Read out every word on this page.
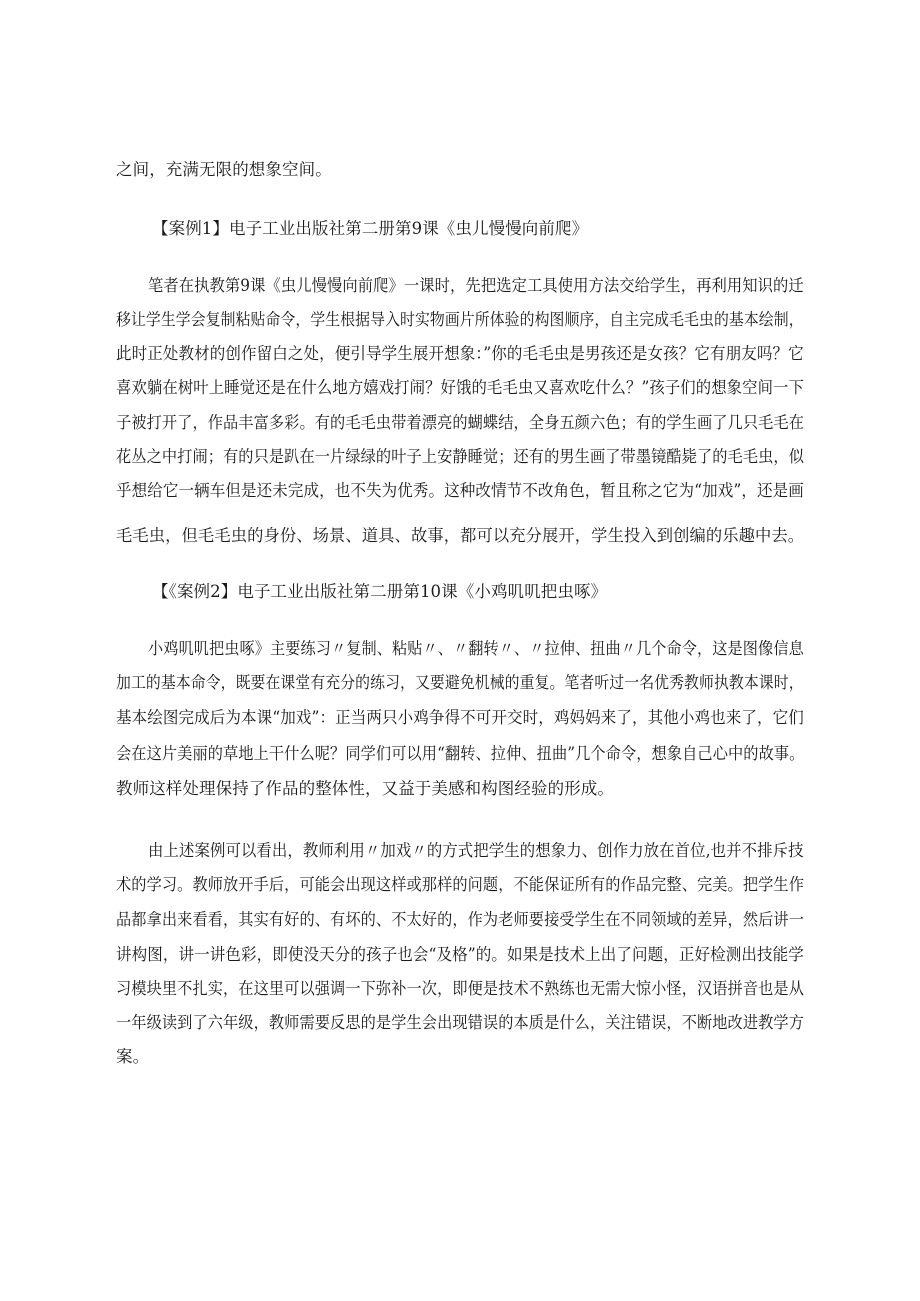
之间，充满无限的想象空间。
【案例1】电子工业出版社第二册第9课《虫儿慢慢向前爬》
笔者在执教第9课《虫儿慢慢向前爬》一课时，先把选定工具使用方法交给学生，再利用知识的迁
移让学生学会复制粘贴命令，学生根据导入时实物画片所体验的构图顺序，自主完成毛毛虫的基本绘制，
此时正处教材的创作留白之处，便引导学生展开想象：”你的毛毛虫是男孩还是女孩？它有朋友吗？它
喜欢躺在树叶上睡觉还是在什么地方嬉戏打闹？好饿的毛毛虫又喜欢吃什么？”孩子们的想象空间一下
子被打开了，作品丰富多彩。有的毛毛虫带着漂亮的蝴蝶结，全身五颜六色；有的学生画了几只毛毛在
花丛之中打闹；有的只是趴在一片绿绿的叶子上安静睡觉；还有的男生画了带墨镜酷毙了的毛毛虫，似
乎想给它一辆车但是还未完成，也不失为优秀。这种改情节不改角色，暂且称之它为“加戏”，还是画
毛毛虫，但毛毛虫的身份、场景、道具、故事，都可以充分展开，学生投入到创编的乐趣中去。
【《案例2】电子工业出版社第二册第10课《小鸡叽叽把虫啄》
小鸡叽叽把虫啄》主要练习〃复制、粘贴〃、〃翻转〃、〃拉伸、扭曲〃几个命令，这是图像信息
加工的基本命令，既要在课堂有充分的练习，又要避免机械的重复。笔者听过一名优秀教师执教本课时，
基本绘图完成后为本课“加戏”：正当两只小鸡争得不可开交时，鸡妈妈来了，其他小鸡也来了，它们
会在这片美丽的草地上干什么呢？同学们可以用“翻转、拉伸、扭曲”几个命令，想象自己心中的故事。
教师这样处理保持了作品的整体性，又益于美感和构图经验的形成。
由上述案例可以看出，教师利用〃加戏〃的方式把学生的想象力、创作力放在首位,也并不排斥技
术的学习。教师放开手后，可能会出现这样或那样的问题，不能保证所有的作品完整、完美。把学生作
品都拿出来看看，其实有好的、有坏的、不太好的，作为老师要接受学生在不同领域的差异，然后讲一
讲构图，讲一讲色彩，即使没天分的孩子也会“及格”的。如果是技术上出了问题，正好检测出技能学
习模块里不扎实，在这里可以强调一下弥补一次，即便是技术不熟练也无需大惊小怪，汉语拼音也是从
一年级读到了六年级，教师需要反思的是学生会出现错误的本质是什么，关注错误，不断地改进教学方
案。
